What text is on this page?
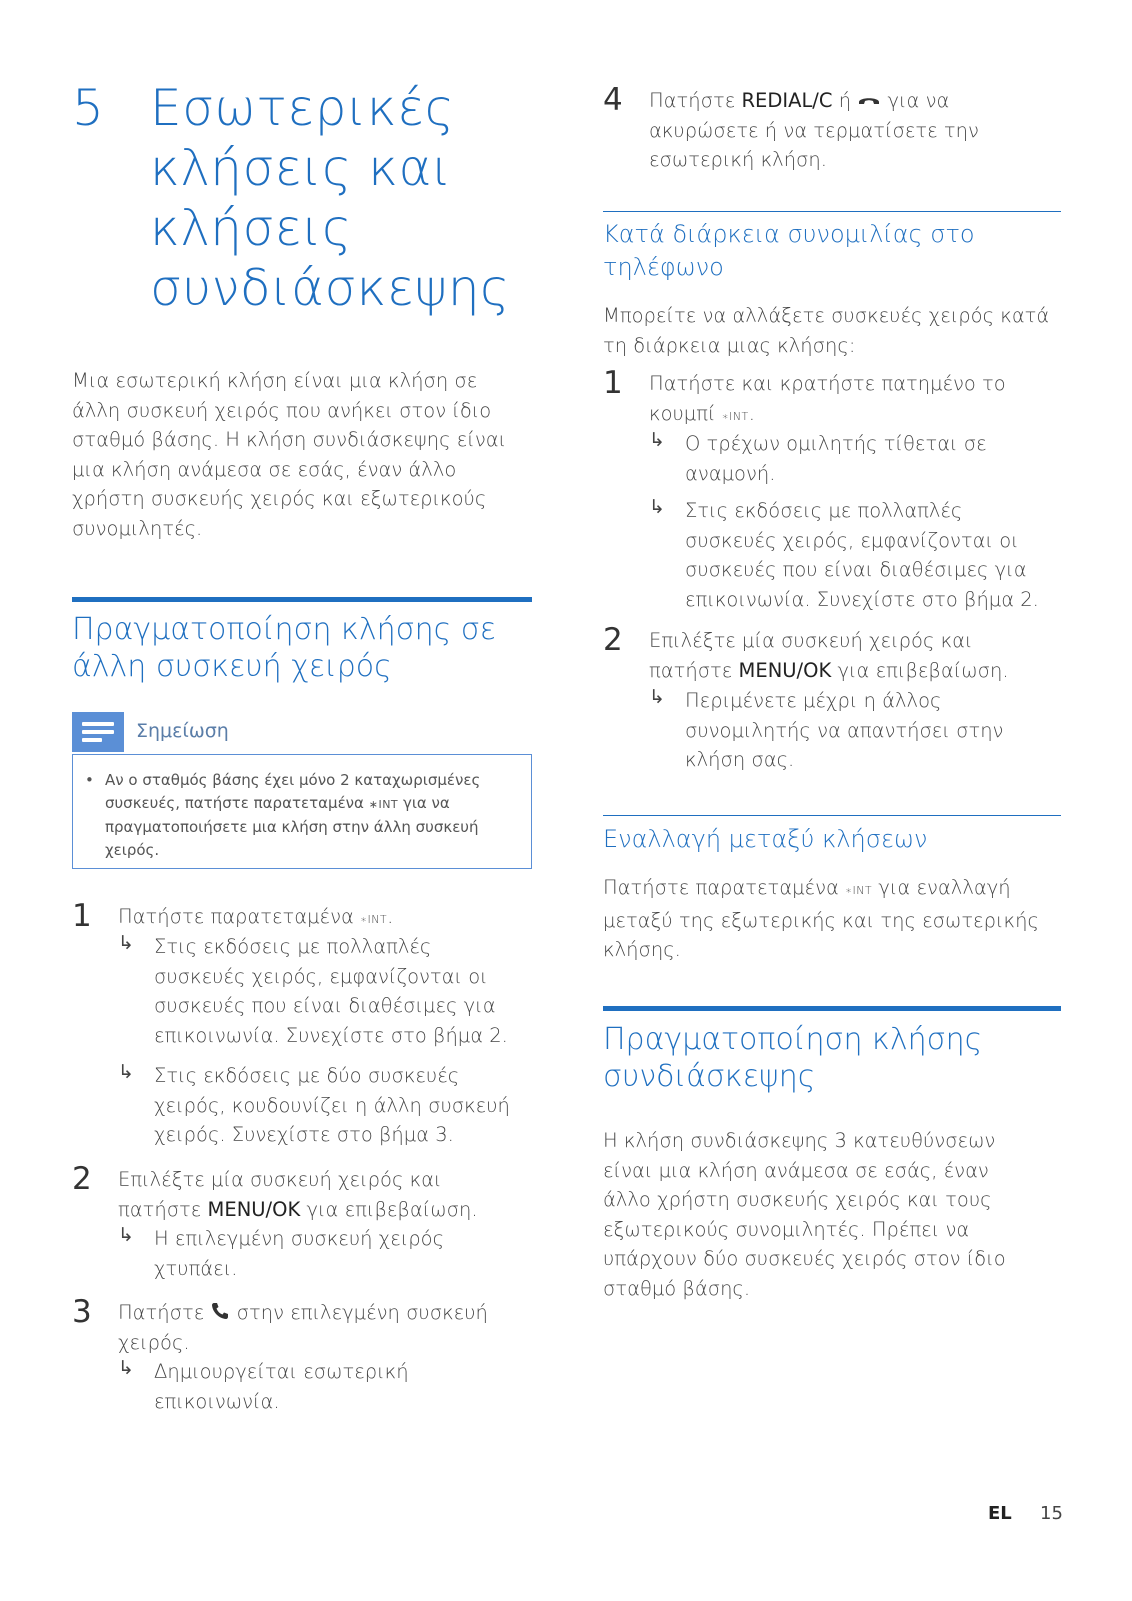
5 Εσωτερικές
κλήσεις και
κλήσεις
συνδιάσκεψης
Μια εσωτερική κλήση είναι μια κλήση σε
άλλη συσκευή χειρός που ανήκει στον ίδιο
σταθμό βάσης. Η κλήση συνδιάσκεψης είναι
μια κλήση ανάμεσα σε εσάς, έναν άλλο
χρήστη συσκευής χειρός και εξωτερικούς
συνομιλητές.
Πραγματοποίηση κλήσης σε
άλλη συσκευή χειρός
Σημείωση
• Αν ο σταθμός βάσης έχει μόνο 2 καταχωρισμένες
συσκευές, πατήστε παρατεταμένα ∗INT για να
πραγματοποιήσετε μια κλήση στην άλλη συσκευή
χειρός.
1 Πατήστε παρατεταμένα ∗INT.
↳ Στις εκδόσεις με πολλαπλές
συσκευές χειρός, εμφανίζονται οι
συσκευές που είναι διαθέσιμες για
επικοινωνία. Συνεχίστε στο βήμα 2.
↳ Στις εκδόσεις με δύο συσκευές
χειρός, κουδουνίζει η άλλη συσκευή
χειρός. Συνεχίστε στο βήμα 3.
2 Επιλέξτε μία συσκευή χειρός και
πατήστε MENU/OK για επιβεβαίωση.
↳ Η επιλεγμένη συσκευή χειρός
χτυπάει.
3 Πατήστε στην επιλεγμένη συσκευή
χειρός.
↳ Δημιουργείται εσωτερική
επικοινωνία.
4 Πατήστε REDIAL/C ή για να
ακυρώσετε ή να τερματίσετε την
εσωτερική κλήση.
Κατά διάρκεια συνομιλίας στο
τηλέφωνο
Μπορείτε να αλλάξετε συσκευές χειρός κατά
τη διάρκεια μιας κλήσης:
1 Πατήστε και κρατήστε πατημένο το
κουμπί ∗INT.
↳ Ο τρέχων ομιλητής τίθεται σε
αναμονή.
↳ Στις εκδόσεις με πολλαπλές
συσκευές χειρός, εμφανίζονται οι
συσκευές που είναι διαθέσιμες για
επικοινωνία. Συνεχίστε στο βήμα 2.
2 Επιλέξτε μία συσκευή χειρός και
πατήστε MENU/OK για επιβεβαίωση.
↳ Περιμένετε μέχρι η άλλος
συνομιλητής να απαντήσει στην
κλήση σας.
Εναλλαγή μεταξύ κλήσεων
Πατήστε παρατεταμένα ∗INT για εναλλαγή
μεταξύ της εξωτερικής και της εσωτερικής
κλήσης.
Πραγματοποίηση κλήσης
συνδιάσκεψης
Η κλήση συνδιάσκεψης 3 κατευθύνσεων
είναι μια κλήση ανάμεσα σε εσάς, έναν
άλλο χρήστη συσκευής χειρός και τους
εξωτερικούς συνομιλητές. Πρέπει να
υπάρχουν δύο συσκευές χειρός στον ίδιο
σταθμό βάσης.
EL 15
